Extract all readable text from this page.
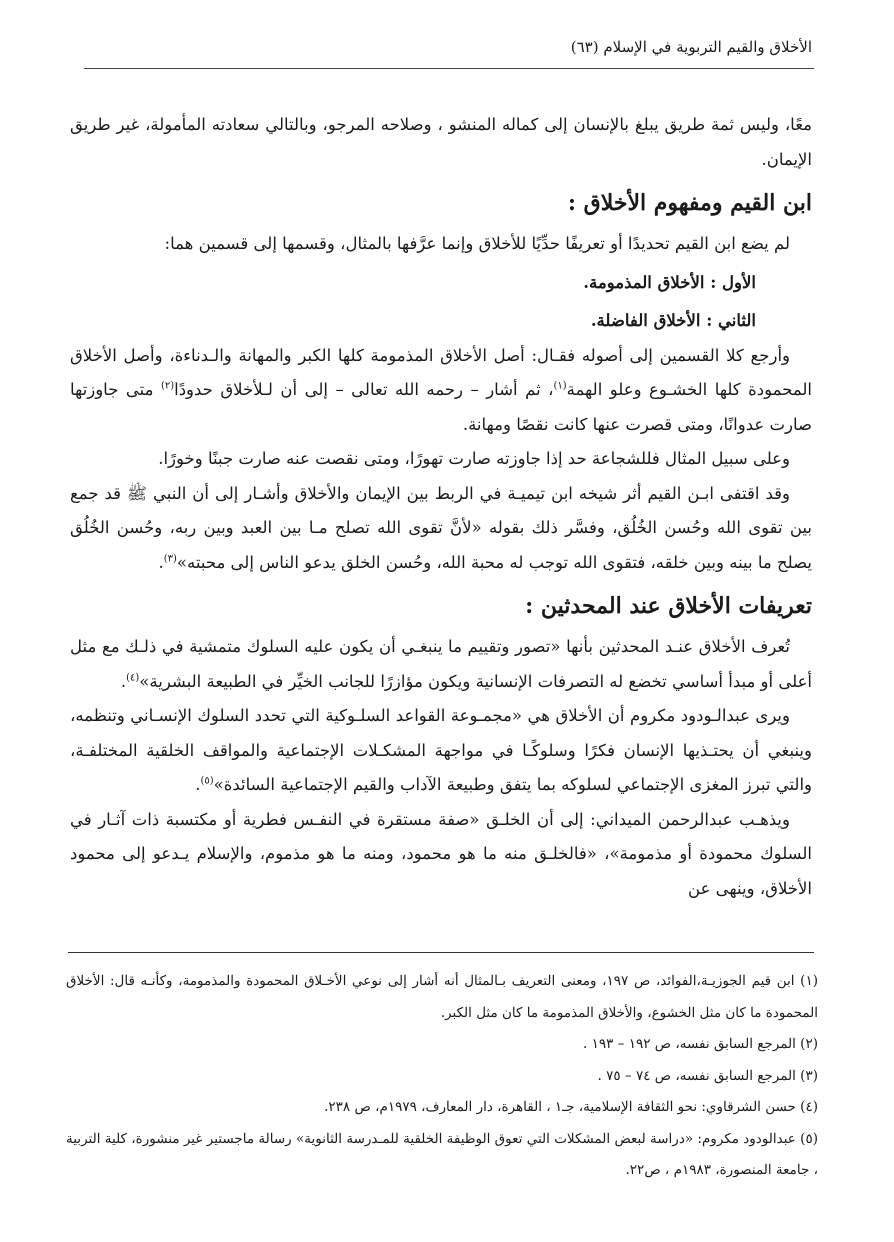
الأخلاق والقيم التربوية في الإسلام (٦٣)

معًا، وليس ثمة طريق يبلغ بالإنسان إلى كماله المنشو ، وصلاحه المرجو، وبالتالي سعادته المأمولة، غير طريق الإيمان.

ابن القيم ومفهوم الأخلاق :

لم يضع ابن القيم تحديدًا أو تعريفًا حدِّيًا للأخلاق وإنما عرَّفها بالمثال، وقسمها إلى قسمين هما:

الأول : الأخلاق المذمومة.

الثاني : الأخلاق الفاضلة.

وأرجع كلا القسمين إلى أصوله فقـال: أصل الأخلاق المذمومة كلها الكبر والمهانة والـدناءة، وأصل الأخلاق المحمودة كلها الخشـوع وعلو الهمة$^{(١)}$، ثم أشار – رحمه الله تعالى – إلى أن لـلأخلاق حدودًا$^{(٢)}$ متى جاوزتها صارت عدوانًا، ومتى قصرت عنها كانت نقصًا ومهانة.

وعلى سبيل المثال فللشجاعة حد إذا جاوزته صارت تهورًا، ومتى نقصت عنه صارت جبنًا وخورًا.

وقد اقتفى ابـن القيم أثر شيخه ابن تيميـة في الربط بين الإيمان والأخلاق وأشـار إلى أن النبي ﷺ قد جمع بين تقوى الله وحُسن الخُلُق، وفسَّر ذلك بقوله «لأنَّ تقوى الله تصلح مـا بين العبد وبين ربه، وحُسن الخُلُق يصلح ما بينه وبين خلقه، فتقوى الله توجب له محبة الله، وحُسن الخلق يدعو الناس إلى محبته»$^{(٣)}$.

تعريفات الأخلاق عند المحدثين :

تُعرف الأخلاق عنـد المحدثين بأنها «تصور وتقييم ما ينبغـي أن يكون عليه السلوك متمشية في ذلـك مع مثل أعلى أو مبدأ أساسي تخضع له التصرفات الإنسانية ويكون مؤازرًا للجانب الخيِّر في الطبيعة البشرية»$^{(٤)}$.

ويرى عبدالـودود مكروم أن الأخلاق هي «مجمـوعة القواعد السلـوكية التي تحدد السلوك الإنسـاني وتنظمه، وينبغي أن يحتـذيها الإنسان فكرًا وسلوكًـا في مواجهة المشكـلات الإجتماعية والمواقف الخلقية المختلفـة، والتي تبرز المغزى الإجتماعي لسلوكه بما يتفق وطبيعة الآداب والقيم الإجتماعية السائدة»$^{(٥)}$.

ويذهـب عبدالرحمن الميداني: إلى أن الخلـق «صفة مستقرة في النفـس فطرية أو مكتسبة ذات آثـار في السلوك محمودة أو مذمومة»، «فالخلـق منه ما هو محمود، ومنه ما هو مذموم، والإسلام يـدعو إلى محمود الأخلاق، وينهى عن

(١) ابن قيم الجوزيـة،الفوائد، ص ١٩٧، ومعنى التعريف بـالمثال أنه أشار إلى نوعي الأخـلاق المحمودة والمذمومة، وكأنـه قال: الأخلاق المحمودة ما كان مثل الخشوع، والأخلاق المذمومة ما كان مثل الكبر.

(٢) المرجع السابق نفسه، ص ١٩٢ – ١٩٣ .

(٣) المرجع السابق نفسه، ص ٧٤ – ٧٥ .

(٤) حسن الشرقاوي: نحو الثقافة الإسلامية، جـ١ ، القاهرة، دار المعارف، ١٩٧٩م، ص ٢٣٨.

(٥) عبدالودود مكروم: «دراسة لبعض المشكلات التي تعوق الوظيفة الخلقية للمـدرسة الثانوية» رسالة ماجستير غير منشورة، كلية التربية ، جامعة المنصورة، ١٩٨٣م ، ص٢٢.
